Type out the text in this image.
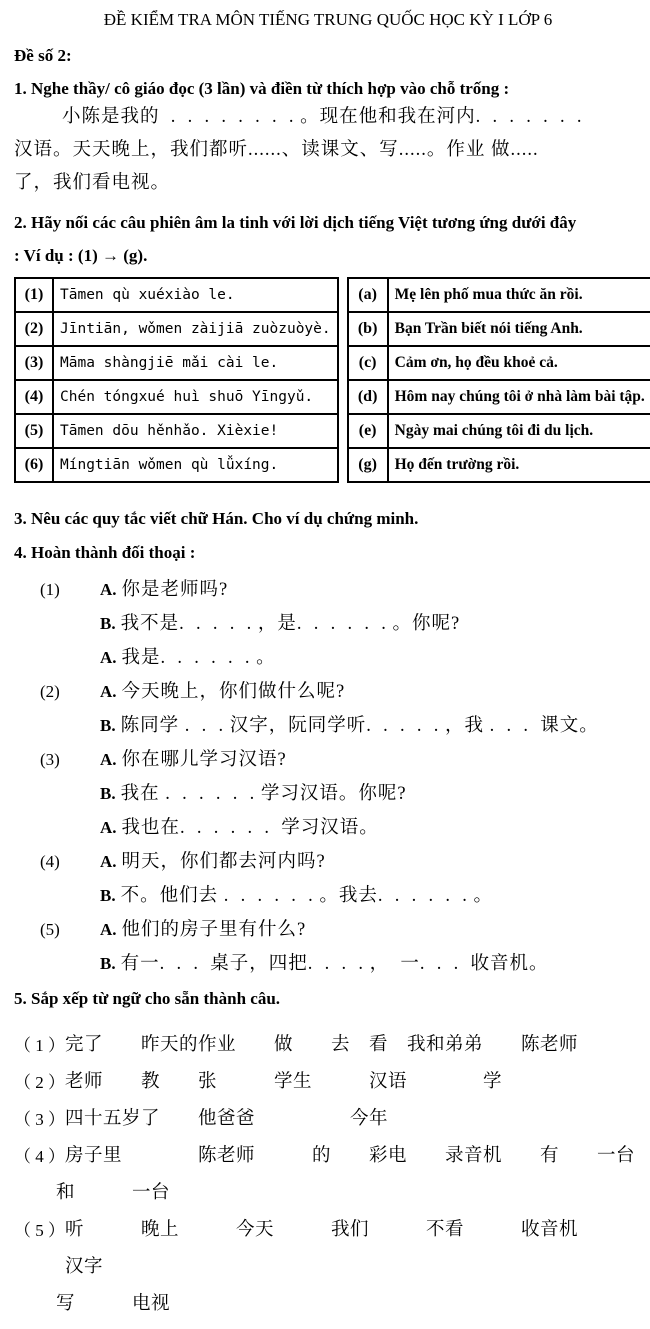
ĐỀ KIỂM TRA MÔN TIẾNG TRUNG QUỐC HỌC KỲ I LỚP 6
Đề số 2:
1. Nghe thầy/ cô giáo đọc (3 lần) và điền từ thích hợp vào chỗ trống :
小陈是我的  .  .  .  .  .  .  .  . 。现在他和我在河内.  .  .  .  .  .  .
汉语。天天晚上，我们都听......、读课文、写.....。作业 做.....
了，我们看电视。
2. Hãy nối các câu phiên âm la tinh với lời dịch tiếng Việt tương ứng dưới đây
: Ví dụ : (1) → (g).
(1)	Tāmen qù xuéxiào le.
(2)	Jīntiān, wǒmen zàijiā zuòzuòyè.
(3)	Māma shàngjiē mǎi cài le.
(4)	Chén tóngxué huì shuō Yīngyǔ.
(5)	Tāmen dōu hěnhǎo. Xièxie!
(6)	Míngtiān wǒmen qù lǚxíng.
(a)	Mẹ lên phố mua thức ăn rồi.
(b)	Bạn Trần biết nói tiếng Anh.
(c)	Cảm ơn, họ đều khoẻ cả.
(d)	Hôm nay chúng tôi ở nhà làm bài tập.
(e)	Ngày mai chúng tôi đi du lịch.
(g)	Họ đến trường rồi.
3. Nêu các quy tắc viết chữ Hán. Cho ví dụ chứng minh.
4. Hoàn thành đối thoại :
(1)	A. 你是老师吗?
B. 我不是.  .  .  .  . ，是.  .  .  .  .  . 。你呢?
A. 我是.  .  .  .  .  . 。
(2)	A. 今天晚上，你们做什么呢?
B. 陈同学 .  .  . 汉字，阮同学听.  .  .  .  . ，我 .  .  .  课文。
(3)	A. 你在哪儿学习汉语?
B. 我在 .  .  .  .  .  . 学习汉语。你呢?
A. 我也在.  .  .  .  .  .  学习汉语。
(4)	A. 明天，你们都去河内吗?
B. 不。他们去 .  .  .  .  .  . 。我去.  .  .  .  .  . 。
(5)	A. 他们的房子里有什么?
B. 有一.  .  .  桌子，四把.  .  .  . ，  一.  .  .  收音机。
5. Sắp xếp từ ngữ cho sẵn thành câu.
（ 1 ） 完了　　昨天的作业　　做　　去　看　我和弟弟　　陈老师
（ 2 ） 老师　　教　　张　　　学生　　　汉语　　　　学
（ 3 ） 四十五岁了　　他爸爸　　　　　今年
（ 4 ） 房子里　　　　陈老师　　　的　　彩电　　录音机　　有　　一台
和　　　一台
（ 5 ） 听　　　晚上　　　今天　　　我们　　　不看　　　收音机　　　汉字
写　　　电视
